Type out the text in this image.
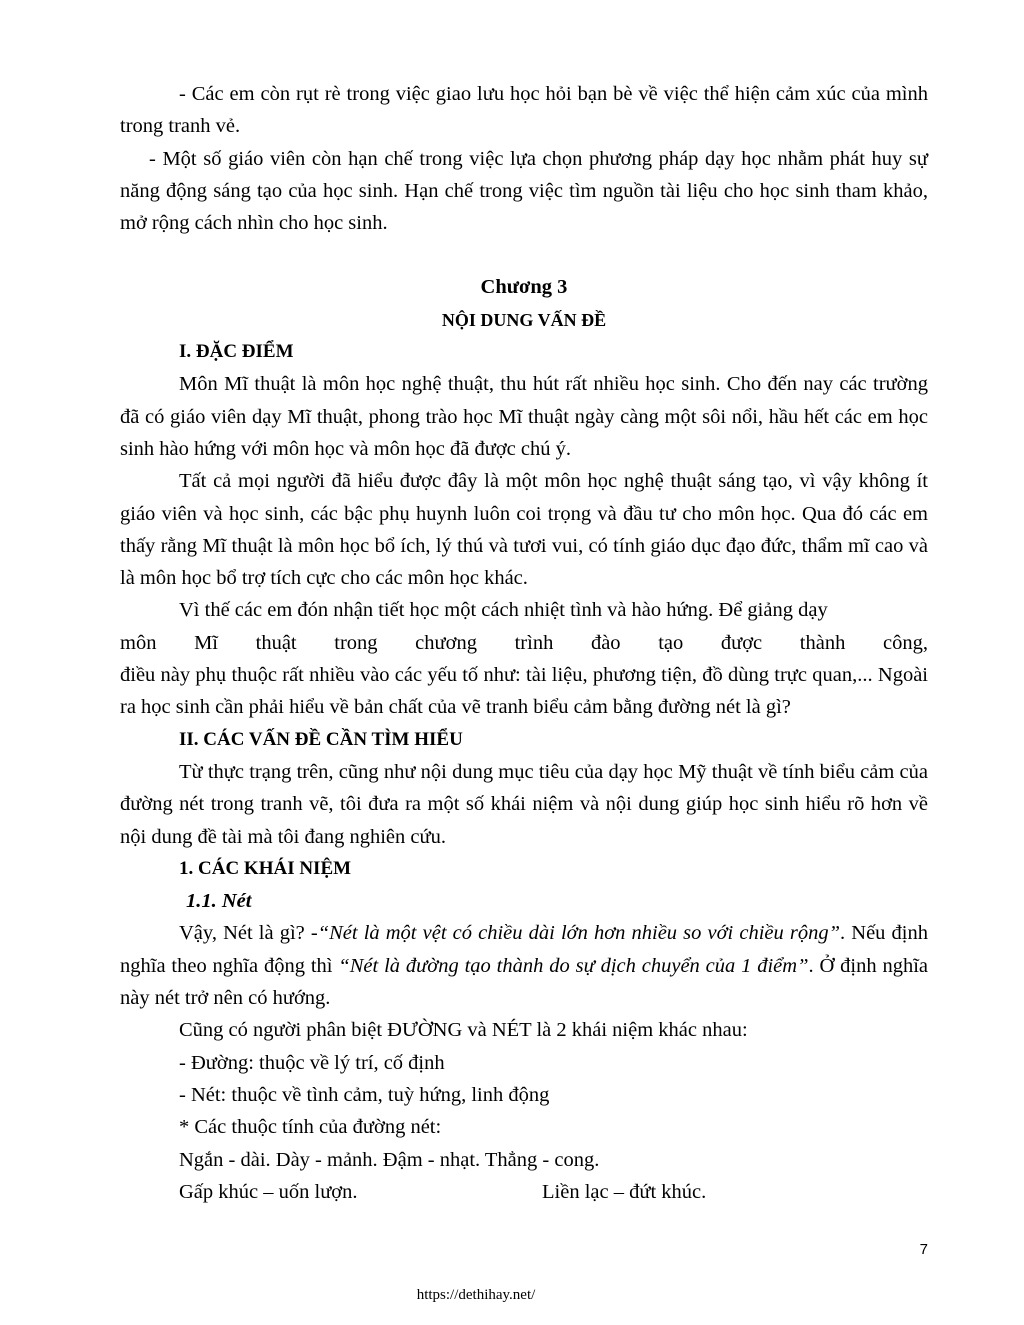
- Các em còn rụt rè trong việc giao lưu học hỏi bạn bè về việc thể hiện cảm xúc của mình trong tranh vẻ.

- Một số giáo viên còn hạn chế trong việc lựa chọn phương pháp dạy học nhằm phát huy sự năng động sáng tạo của học sinh. Hạn chế trong việc tìm nguồn tài liệu cho học sinh tham khảo, mở rộng cách nhìn cho học sinh.

Chương 3

NỘI DUNG VẤN ĐỀ

I. ĐẶC ĐIỂM

Môn Mĩ thuật là môn học nghệ thuật, thu hút rất nhiều học sinh. Cho đến nay các trường đã có giáo viên dạy Mĩ thuật, phong trào học Mĩ thuật ngày càng một sôi nổi, hầu hết các em học sinh hào hứng với môn học và môn học đã được chú ý.

Tất cả mọi người đã hiểu được đây là một môn học nghệ thuật sáng tạo, vì vậy không ít giáo viên và học sinh, các bậc phụ huynh luôn coi trọng và đầu tư cho môn học. Qua đó các em thấy rằng Mĩ thuật là môn học bổ ích, lý thú và tươi vui, có tính giáo dục đạo đức, thẩm mĩ cao và là môn học bổ trợ tích cực cho các môn học khác.

Vì thế các em đón nhận tiết học một cách nhiệt tình và hào hứng. Để giảng dạy

môn Mĩ thuật trong chương trình đào tạo được thành công,

điều này phụ thuộc rất nhiều vào các yếu tố như: tài liệu, phương tiện, đồ dùng trực quan,... Ngoài ra học sinh cần phải hiểu về bản chất của vẽ tranh biểu cảm bằng đường nét là gì?

II. CÁC VẤN ĐỀ CẦN TÌM HIỂU

Từ thực trạng trên, cũng như nội dung mục tiêu của dạy học Mỹ thuật về tính biểu cảm của đường nét trong tranh vẽ, tôi đưa ra một số khái niệm và nội dung giúp học sinh hiểu rõ hơn về nội dung đề tài mà tôi đang nghiên cứu.

1. CÁC KHÁI NIỆM

1.1. Nét

Vậy, Nét là gì? -“Nét là một vệt có chiều dài lớn hơn nhiều so với chiều rộng”. Nếu định nghĩa theo nghĩa động thì “Nét là đường tạo thành do sự dịch chuyển của 1 điểm”. Ở định nghĩa này nét trở nên có hướng.

Cũng có người phân biệt ĐƯỜNG và NÉT là 2 khái niệm khác nhau:

- Đường: thuộc về lý trí, cố định

- Nét: thuộc về tình cảm, tuỳ hứng, linh động

* Các thuộc tính của đường nét:

Ngắn - dài. Dày - mảnh. Đậm - nhạt. Thẳng - cong.

Gấp khúc – uốn lượn.	Liền lạc – đứt khúc.

7
https://dethihay.net/
